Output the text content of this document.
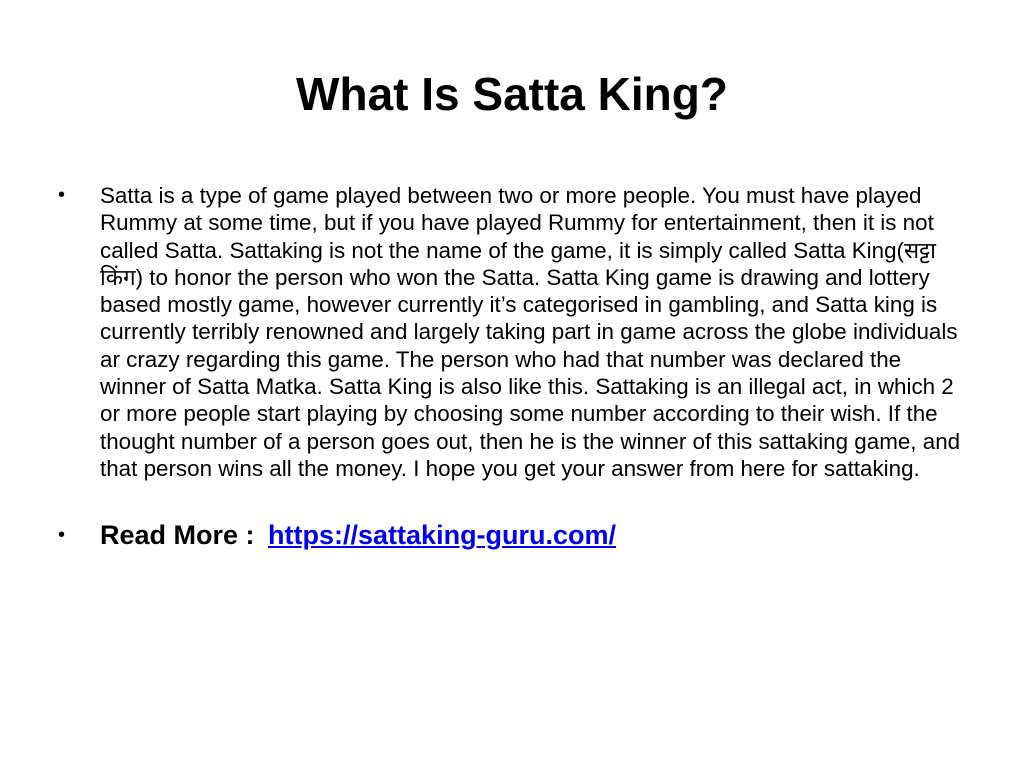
What Is Satta King?
• Satta is a type of game played between two or more people. You must have played Rummy at some time, but if you have played Rummy for entertainment, then it is not called Satta. Sattaking is not the name of the game, it is simply called Satta King(सट्टा किंग) to honor the person who won the Satta. Satta King game is drawing and lottery based mostly game, however currently it’s categorised in gambling, and Satta king is currently terribly renowned and largely taking part in game across the globe individuals ar crazy regarding this game. The person who had that number was declared the winner of Satta Matka. Satta King is also like this. Sattaking is an illegal act, in which 2 or more people start playing by choosing some number according to their wish. If the thought number of a person goes out, then he is the winner of this sattaking game, and that person wins all the money. I hope you get your answer from here for sattaking.
• Read More : https://sattaking-guru.com/
